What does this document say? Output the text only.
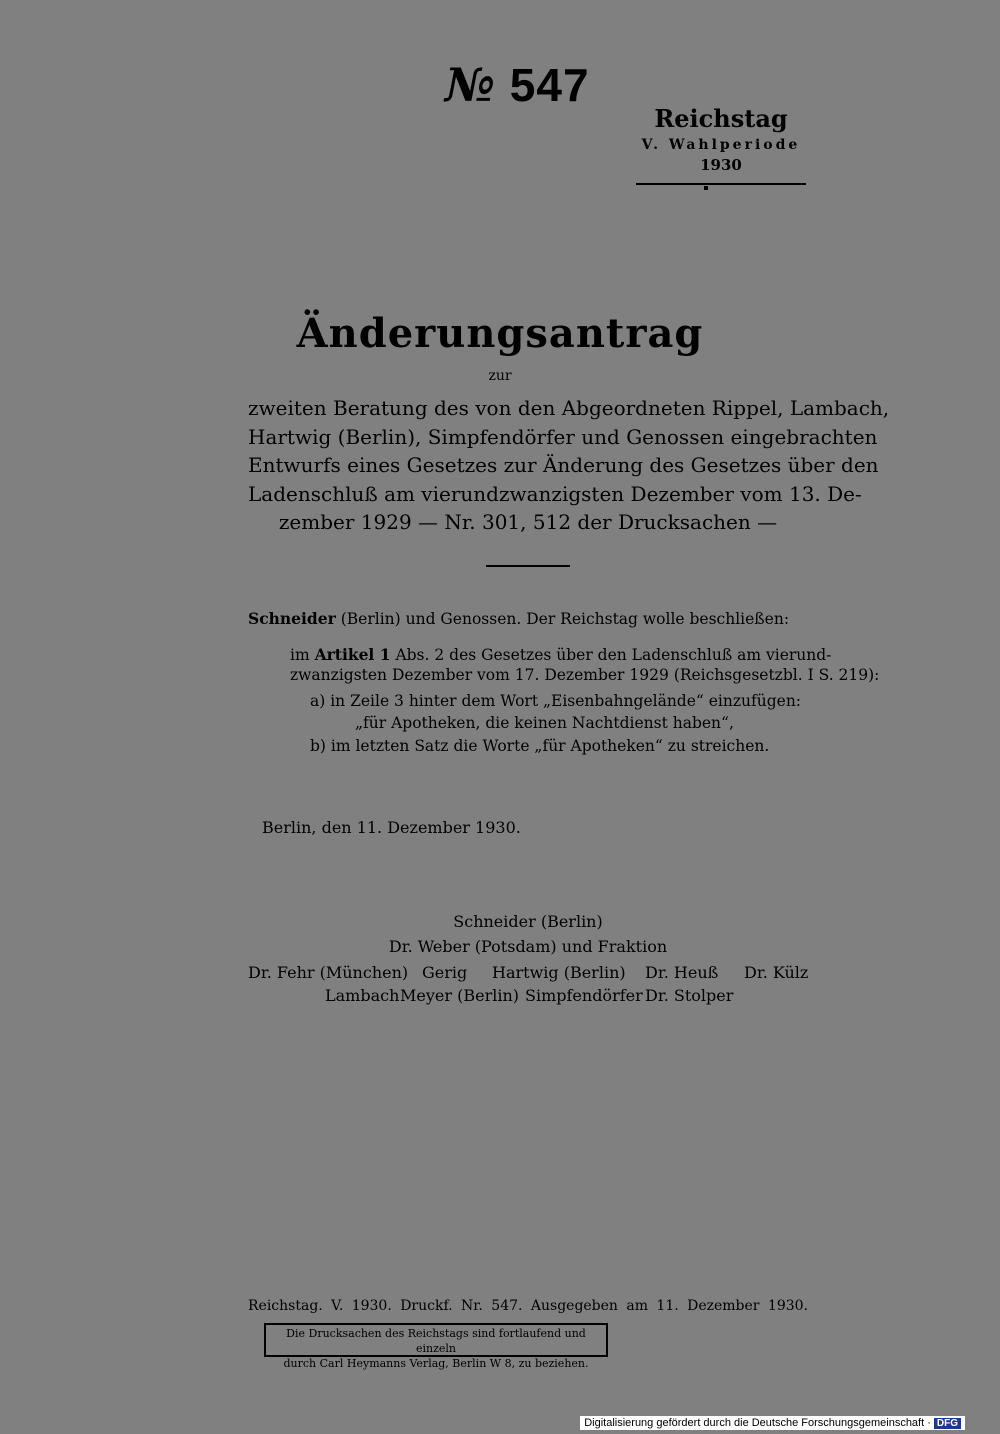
№ 547
Reichstag
V. Wahlperiode
1930
Änderungsantrag
zur
zweiten Beratung des von den Abgeordneten Rippel, Lambach,
Hartwig (Berlin), Simpfendörfer und Genossen eingebrachten
Entwurfs eines Gesetzes zur Änderung des Gesetzes über den
Ladenschluß am vierundzwanzigsten Dezember vom 13. De-
zember 1929 — Nr. 301, 512 der Drucksachen —
Schneider (Berlin) und Genossen. Der Reichstag wolle beschließen:
im Artikel 1 Abs. 2 des Gesetzes über den Ladenschluß am vierund-
zwanzigsten Dezember vom 17. Dezember 1929 (Reichsgesetzbl. I S. 219):
a) in Zeile 3 hinter dem Wort „Eisenbahngelände“ einzufügen:
„für Apotheken, die keinen Nachtdienst haben“,
b) im letzten Satz die Worte „für Apotheken“ zu streichen.
Berlin, den 11. Dezember 1930.
Schneider (Berlin)
Dr. Weber (Potsdam) und Fraktion
Dr. Fehr (München) Gerig Hartwig (Berlin) Dr. Heuß Dr. Külz
Lambach Meyer (Berlin) Simpfendörfer Dr. Stolper
Reichstag. V. 1930. Druckf. Nr. 547. Ausgegeben am 11. Dezember 1930.
Die Drucksachen des Reichstags sind fortlaufend und einzeln
durch Carl Heymanns Verlag, Berlin W 8, zu beziehen.
Digitalisierung gefördert durch die Deutsche Forschungsgemeinschaft · DFG
